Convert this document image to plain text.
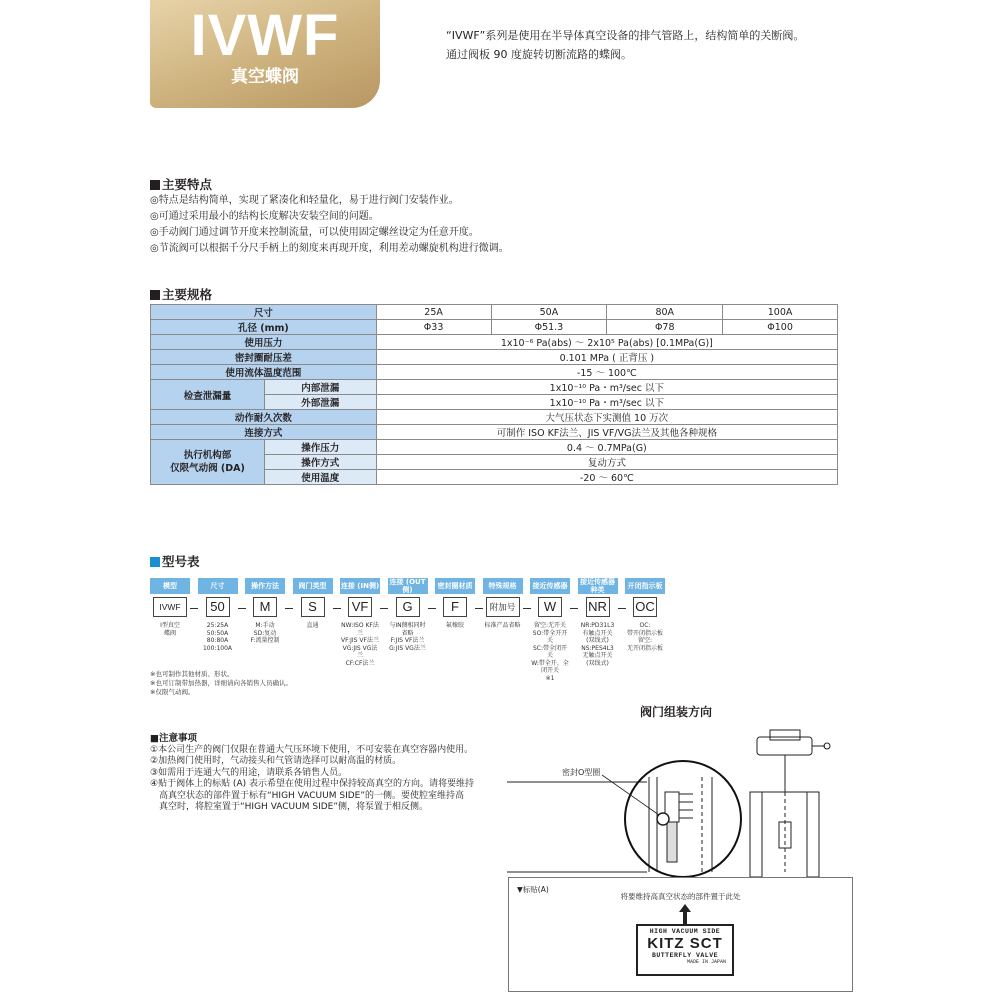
IVWF
真空蝶阀
“IVWF”系列是使用在半导体真空设备的排气管路上，结构简单的关断阀。
通过阀板 90 度旋转切断流路的蝶阀。
主要特点
◎特点是结构简单，实现了紧凑化和轻量化，易于进行阀门安装作业。
◎可通过采用最小的结构长度解决安装空间的问题。
◎手动阀门通过调节开度来控制流量，可以使用固定螺丝设定为任意开度。
◎节流阀可以根据千分尺手柄上的刻度来再现开度，利用差动螺旋机构进行微调。
主要规格
尺寸		25A	50A	80A	100A
孔径 (mm)		Φ33	Φ51.3	Φ78	Φ100
使用压力		1x10⁻⁶ Pa(abs) ～ 2x10⁵ Pa(abs) [0.1MPa(G)]			
密封圈耐压差		0.101 MPa ( 正背压 )			
使用流体温度范围		-15 ～ 100℃			
检查泄漏量	内部泄漏	1x10⁻¹⁰ Pa・m³/sec 以下			
	外部泄漏	1x10⁻¹⁰ Pa・m³/sec 以下			
动作耐久次数		大气压状态下实测值 10 万次			
连接方式		可制作 ISO KF法兰、JIS VF/VG法兰及其他各种规格			

执行机构部
仅限气动阀 (DA)	操作压力	0.4 ～ 0.7MPa(G)			
	操作方式	复动方式			
	使用温度	-20 ～ 60℃			
型号表
模型
IVWF
I型真空
蝶阀
尺寸
50
25:25A
50:50A
80:80A
100:100A
操作方法
M
M:手动
SD:复动
F:流量控制
阀门类型
S
直通
连接 (IN侧)
VF
NW:ISO KF法兰
VF:JIS VF法兰
VG:JIS VG法兰
CF:CF法兰
连接 (OUT侧)
G
与IN侧相同时省略
F:JIS VF法兰
G:JIS VG法兰
密封圈材质
F
氟橡胶
特殊规格
附加号
标准产品省略
接近传感器
W
留空:无开关
SO:带全开开关
SC:带全闭开关
W:带全开、全闭开关
※1
接近传感器种类
NR
NR:PD31L3
有触点开关
(双线式)
NS:PES4L3
无触点开关
(双线式)
开闭指示板
OC
OC:
带开闭指示板
留空:
无开闭指示板
※也可制作其他材质、形状。
※也可订制带加热器，详细请向各销售人员确认。
※仅限气动阀。
■注意事项

①本公司生产的阀门仅限在普通大气压环境下使用，不可安装在真空容器内使用。

②加热阀门使用时，气动接头和气管请选择可以耐高温的材质。

③如需用于连通大气的用途，请联系各销售人员。

④贴于阀体上的标贴 (A) 表示希望在使用过程中保持较高真空的方向。请将要维持

高真空状态的部件置于标有“HIGH VACUUM SIDE”的一侧。要使腔室维持高

真空时，将腔室置于“HIGH VACUUM SIDE”侧，将泵置于相反侧。

阀门组装方向
密封O型圈
▼标贴(A)
将要维持高真空状态的部件置于此处
HIGH VACUUM SIDE
KITZ SCT
BUTTERFLY VALVE
MADE IN JAPAN
